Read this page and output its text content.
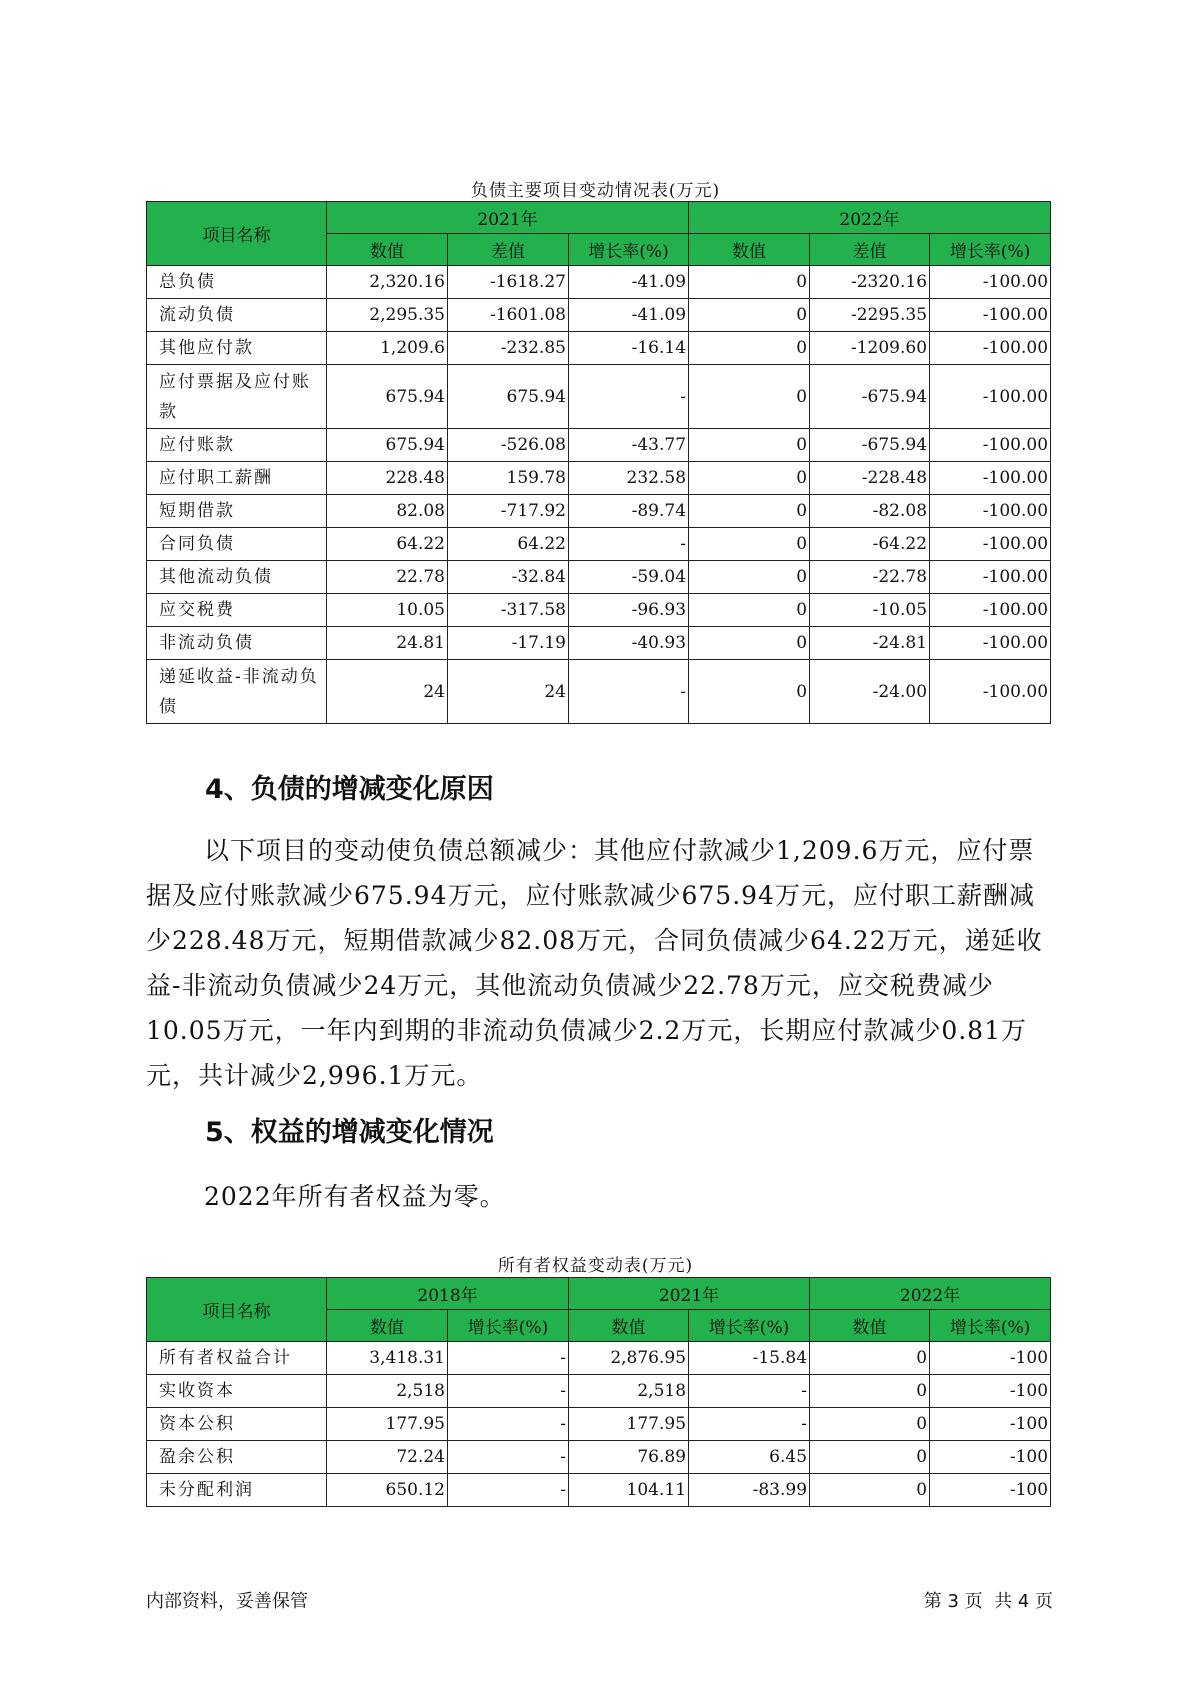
负债主要项目变动情况表(万元)
项目名称	2021年			2022年		
	数值	差值	增长率(%)	数值	差值	增长率(%)
总负债	2,320.16	-1618.27	-41.09	0	-2320.16	-100.00
流动负债	2,295.35	-1601.08	-41.09	0	-2295.35	-100.00
其他应付款	1,209.6	-232.85	-16.14	0	-1209.60	-100.00
应付票据及应付账款	675.94	675.94	-	0	-675.94	-100.00
应付账款	675.94	-526.08	-43.77	0	-675.94	-100.00
应付职工薪酬	228.48	159.78	232.58	0	-228.48	-100.00
短期借款	82.08	-717.92	-89.74	0	-82.08	-100.00
合同负债	64.22	64.22	-	0	-64.22	-100.00
其他流动负债	22.78	-32.84	-59.04	0	-22.78	-100.00
应交税费	10.05	-317.58	-96.93	0	-10.05	-100.00
非流动负债	24.81	-17.19	-40.93	0	-24.81	-100.00
递延收益-非流动负债	24	24	-	0	-24.00	-100.00
4、负债的增减变化原因
以下项目的变动使负债总额减少：其他应付款减少1,209.6万元，应付票据及应付账款减少675.94万元，应付账款减少675.94万元，应付职工薪酬减少228.48万元，短期借款减少82.08万元，合同负债减少64.22万元，递延收益-非流动负债减少24万元，其他流动负债减少22.78万元，应交税费减少10.05万元，一年内到期的非流动负债减少2.2万元，长期应付款减少0.81万元，共计减少2,996.1万元。
5、权益的增减变化情况
2022年所有者权益为零。
所有者权益变动表(万元)
项目名称	2018年		2021年		2022年	
	数值	增长率(%)	数值	增长率(%)	数值	增长率(%)
所有者权益合计	3,418.31	-	2,876.95	-15.84	0	-100
实收资本	2,518	-	2,518	-	0	-100
资本公积	177.95	-	177.95	-	0	-100
盈余公积	72.24	-	76.89	6.45	0	-100
未分配利润	650.12	-	104.11	-83.99	0	-100
内部资料，妥善保管	第 3 页  共 4 页
